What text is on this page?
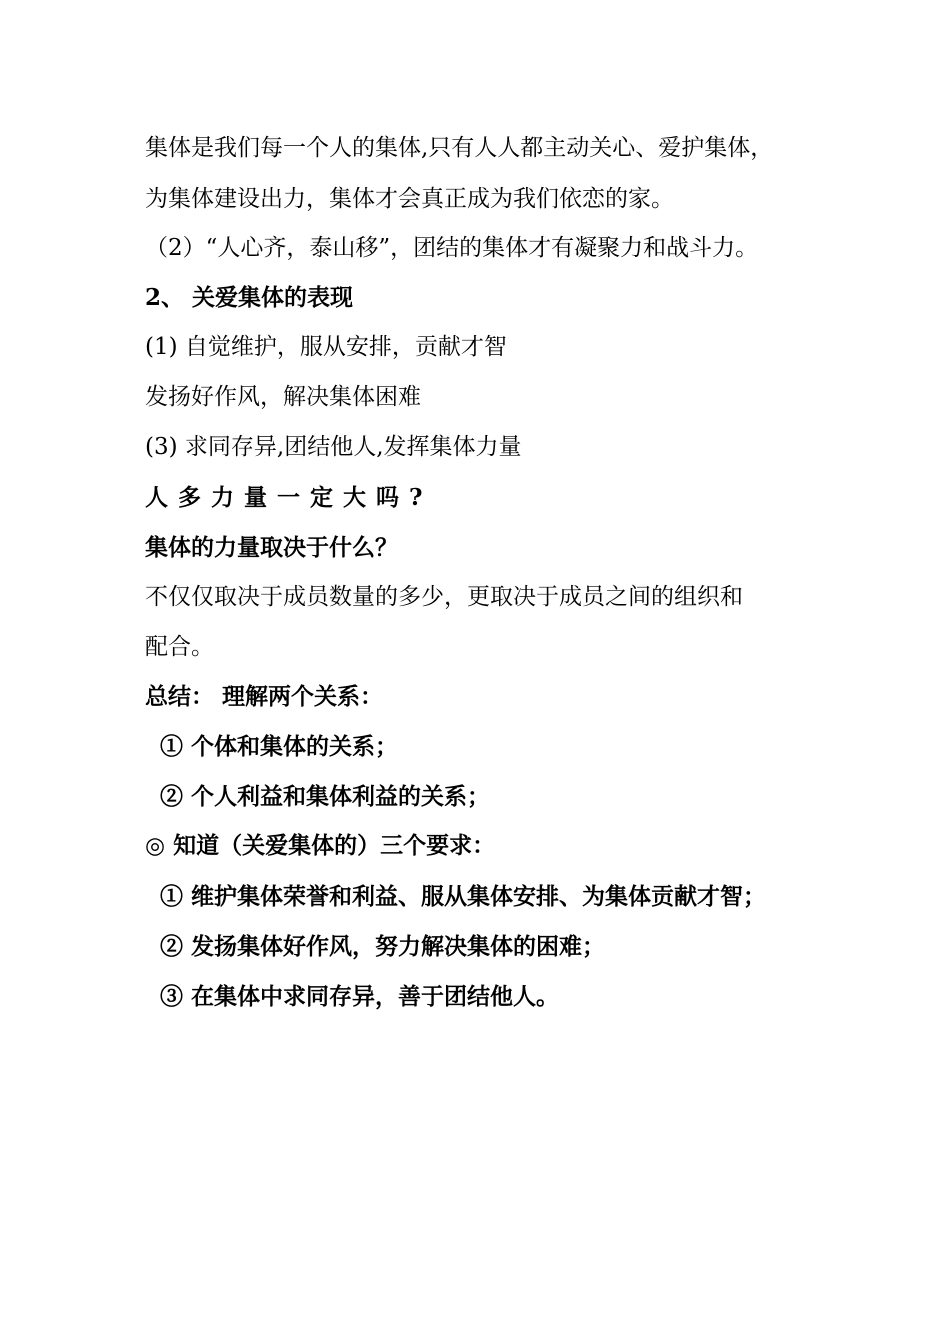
集体是我们每一个人的集体,只有人人都主动关心、爱护集体，
为集体建设出力，集体才会真正成为我们依恋的家。
（2）“人心齐，泰山移”，团结的集体才有凝聚力和战斗力。
2、 关爱集体的表现
(1) 自觉维护，服从安排，贡献才智
发扬好作风，解决集体困难
(3) 求同存异,团结他人,发挥集体力量
人多力量一定大吗?
集体的力量取决于什么？
不仅仅取决于成员数量的多少，更取决于成员之间的组织和
配合。
总结： 理解两个关系：
① 个体和集体的关系；
② 个人利益和集体利益的关系；
◎ 知道（关爱集体的）三个要求：
① 维护集体荣誉和利益、服从集体安排、为集体贡献才智；
② 发扬集体好作风，努力解决集体的困难；
③ 在集体中求同存异，善于团结他人。
